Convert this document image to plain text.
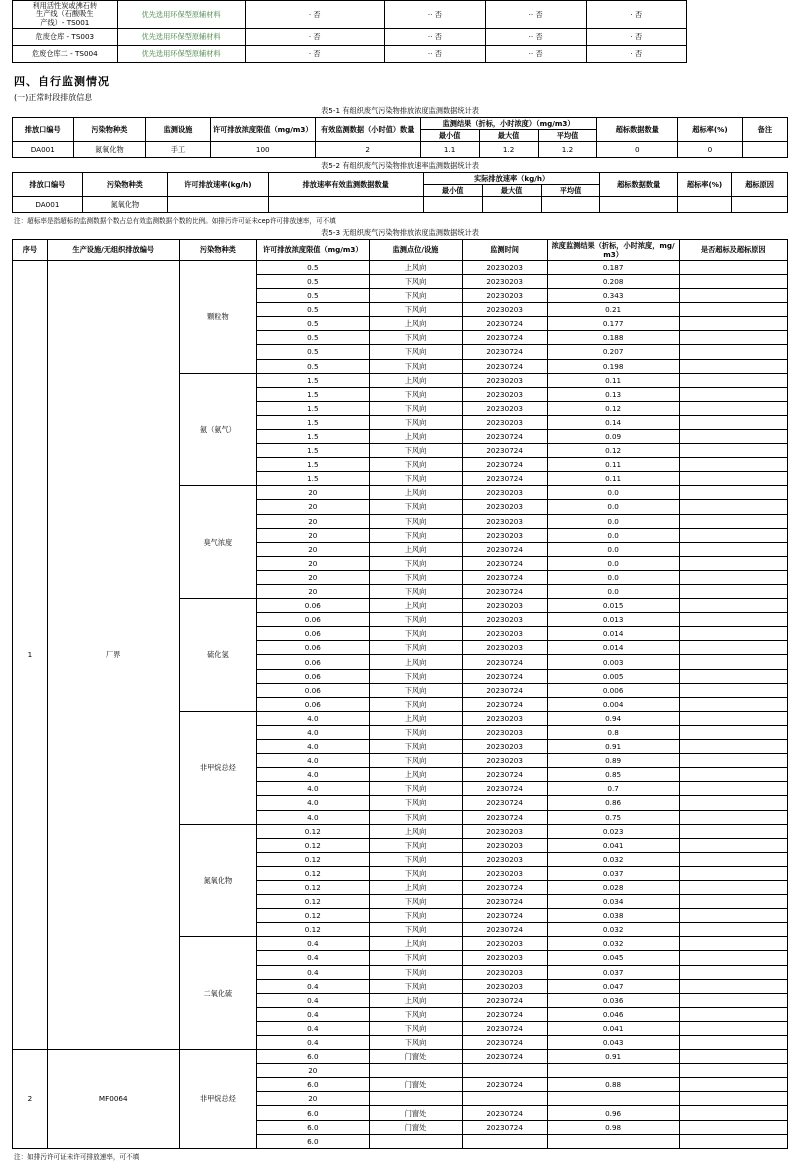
利用活性炭或沸石转
生产线（石酸吸生
产线）- TS001	优先选用环保型原辅材料	· 否	·· 否	·· 否	· 否
危废仓库 - TS003	优先选用环保型原辅材料	· 否	·· 否	·· 否	· 否
危废仓库二 - TS004	优先选用环保型原辅材料	· 否	·· 否	·· 否	· 否
四、自行监测情况
(一)正常时段排放信息
表5-1 有组织废气污染物排放浓度监测数据统计表
排放口编号	污染物种类	监测设施	许可排放浓度限值（mg/m3）	有效监测数据（小时值）数量	监测结果（折标，小时浓度）（mg/m3）			超标数据数量	超标率(%)	备注
					最小值	最大值	平均值			
DA001	氮氧化物	手工	100	2	1.1	1.2	1.2	0	0	
表5-2 有组织废气污染物排放速率监测数据统计表
排放口编号	污染物种类	许可排放速率(kg/h)	排放速率有效监测数据数量	实际排放速率（kg/h）			超标数据数量	超标率(%)	超标原因
				最小值	最大值	平均值			
DA001	氮氧化物								
注：超标率是指超标的监测数据个数占总有效监测数据个数的比例。如排污许可证未сер许可排放速率，可不填
表5-3 无组织废气污染物排放浓度监测数据统计表
序号	生产设施/无组织排放编号	污染物种类	许可排放浓度限值（mg/m3）	监测点位/设施	监测时间	浓度监测结果（折标，小时浓度，mg/m3）	是否超标及超标原因
1	厂界	颗粒物	0.5	上风向	20230203	0.187	
			0.5	下风向	20230203	0.208	
			0.5	下风向	20230203	0.343	
			0.5	下风向	20230203	0.21	
			0.5	上风向	20230724	0.177	
			0.5	下风向	20230724	0.188	
			0.5	下风向	20230724	0.207	
			0.5	下风向	20230724	0.198	
		氨（氨气）	1.5	上风向	20230203	0.11	
			1.5	下风向	20230203	0.13	
			1.5	下风向	20230203	0.12	
			1.5	下风向	20230203	0.14	
			1.5	上风向	20230724	0.09	
			1.5	下风向	20230724	0.12	
			1.5	下风向	20230724	0.11	
			1.5	下风向	20230724	0.11	
		臭气浓度	20	上风向	20230203	0.0	
			20	下风向	20230203	0.0	
			20	下风向	20230203	0.0	
			20	下风向	20230203	0.0	
			20	上风向	20230724	0.0	
			20	下风向	20230724	0.0	
			20	下风向	20230724	0.0	
			20	下风向	20230724	0.0	
		硫化氢	0.06	上风向	20230203	0.015	
			0.06	下风向	20230203	0.013	
			0.06	下风向	20230203	0.014	
			0.06	下风向	20230203	0.014	
			0.06	上风向	20230724	0.003	
			0.06	下风向	20230724	0.005	
			0.06	下风向	20230724	0.006	
			0.06	下风向	20230724	0.004	
		非甲烷总烃	4.0	上风向	20230203	0.94	
			4.0	下风向	20230203	0.8	
			4.0	下风向	20230203	0.91	
			4.0	下风向	20230203	0.89	
			4.0	上风向	20230724	0.85	
			4.0	下风向	20230724	0.7	
			4.0	下风向	20230724	0.86	
			4.0	下风向	20230724	0.75	
		氮氧化物	0.12	上风向	20230203	0.023	
			0.12	下风向	20230203	0.041	
			0.12	下风向	20230203	0.032	
			0.12	下风向	20230203	0.037	
			0.12	上风向	20230724	0.028	
			0.12	下风向	20230724	0.034	
			0.12	下风向	20230724	0.038	
			0.12	下风向	20230724	0.032	
		二氧化硫	0.4	上风向	20230203	0.032	
			0.4	下风向	20230203	0.045	
			0.4	下风向	20230203	0.037	
			0.4	下风向	20230203	0.047	
			0.4	上风向	20230724	0.036	
			0.4	下风向	20230724	0.046	
			0.4	下风向	20230724	0.041	
			0.4	下风向	20230724	0.043	
2	MF0064	非甲烷总烃	6.0	门窗处	20230724	0.91	
			20				
			6.0	门窗处	20230724	0.88	
			20				
			6.0	门窗处	20230724	0.96	
			6.0	门窗处	20230724	0.98	
			6.0				
注：如排污许可证未许可排放速率，可不填
